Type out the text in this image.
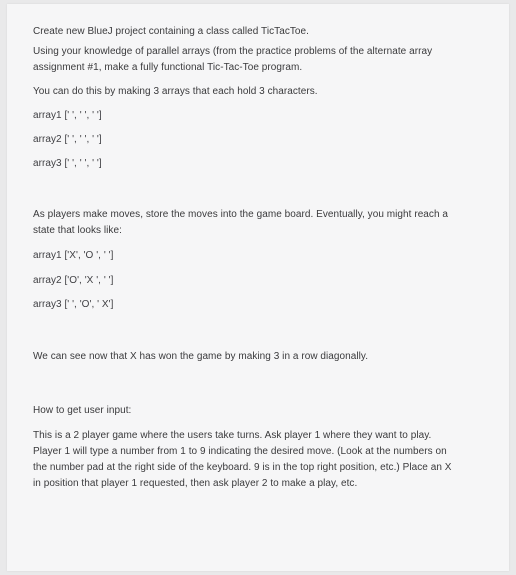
Create new BlueJ project containing a class called TicTacToe.
Using your knowledge of parallel arrays (from the practice problems of the alternate array
assignment #1, make a fully functional Tic-Tac-Toe program.
You can do this by making 3 arrays that each hold 3 characters.
array1 [' ', ' ', ' ']
array2 [' ', ' ', ' ']
array3 [' ', ' ', ' ']
As players make moves, store the moves into the game board. Eventually, you might reach a
state that looks like:
array1 ['X', 'O ', ' ']
array2 ['O', 'X ', ' ']
array3 [' ', 'O', ' X']
We can see now that X has won the game by making 3 in a row diagonally.
How to get user input:
This is a 2 player game where the users take turns. Ask player 1 where they want to play.
Player 1 will type a number from 1 to 9 indicating the desired move. (Look at the numbers on
the number pad at the right side of the keyboard. 9 is in the top right position, etc.) Place an X
in position that player 1 requested, then ask player 2 to make a play, etc.
